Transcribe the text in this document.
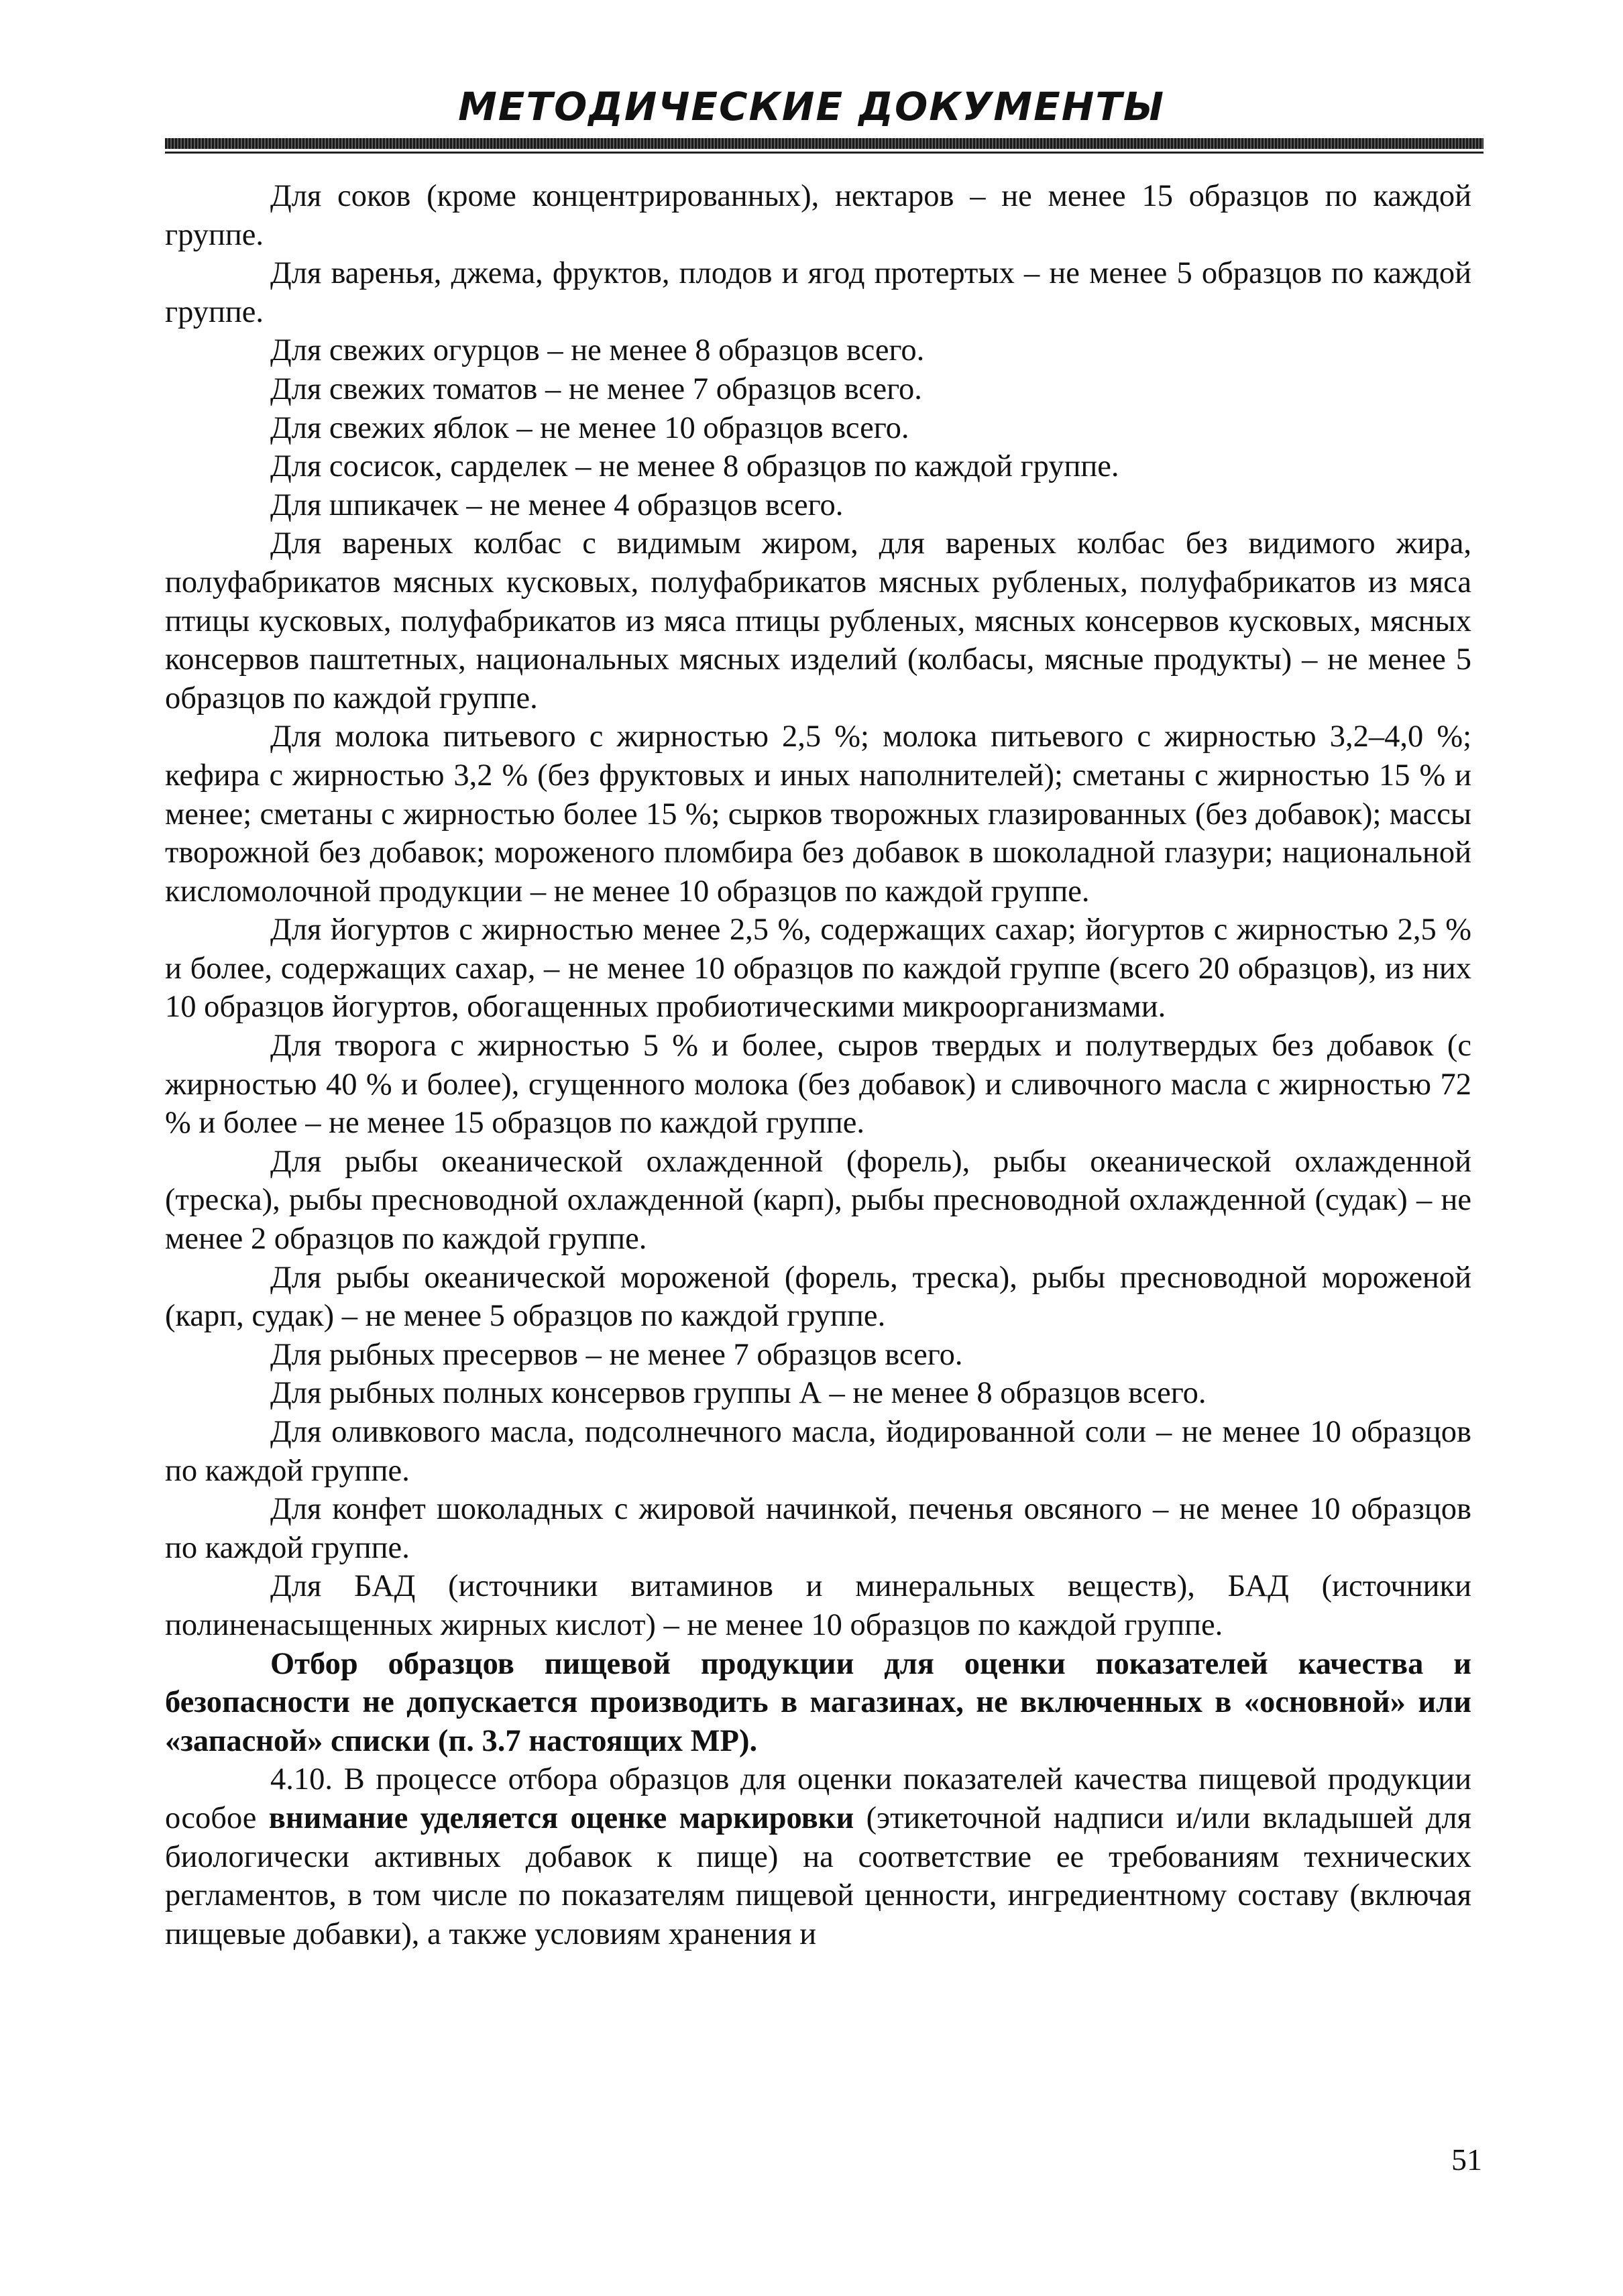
МЕТОДИЧЕСКИЕ ДОКУМЕНТЫ

Для соков (кроме концентрированных), нектаров – не менее 15 образцов по каждой группе.

Для варенья, джема, фруктов, плодов и ягод протертых – не менее 5 образцов по каждой группе.

Для свежих огурцов – не менее 8 образцов всего.

Для свежих томатов – не менее 7 образцов всего.

Для свежих яблок – не менее 10 образцов всего.

Для сосисок, сарделек – не менее 8 образцов по каждой группе.

Для шпикачек – не менее 4 образцов всего.

Для вареных колбас с видимым жиром, для вареных колбас без видимого жира, полуфабрикатов мясных кусковых, полуфабрикатов мясных рубленых, полуфабрикатов из мяса птицы кусковых, полуфабрикатов из мяса птицы рубленых, мясных консервов кусковых, мясных консервов паштетных, национальных мясных изделий (колбасы, мясные продукты) – не менее 5 образцов по каждой группе.

Для молока питьевого с жирностью 2,5 %; молока питьевого с жирностью 3,2–4,0 %; кефира с жирностью 3,2 % (без фруктовых и иных наполнителей); сметаны с жирностью 15 % и менее; сметаны с жирностью более 15 %; сырков творожных глазированных (без добавок); массы творожной без добавок; мороженого пломбира без добавок в шоколадной глазури; национальной кисломолочной продукции – не менее 10 образцов по каждой группе.

Для йогуртов с жирностью менее 2,5 %, содержащих сахар; йогуртов с жирностью 2,5 % и более, содержащих сахар, – не менее 10 образцов по каждой группе (всего 20 образцов), из них 10 образцов йогуртов, обогащенных пробиотическими микроорганизмами.

Для творога с жирностью 5 % и более, сыров твердых и полутвердых без добавок (с жирностью 40 % и более), сгущенного молока (без добавок) и сливочного масла с жирностью 72 % и более – не менее 15 образцов по каждой группе.

Для рыбы океанической охлажденной (форель), рыбы океанической охлажденной (треска), рыбы пресноводной охлажденной (карп), рыбы пресноводной охлажденной (судак) – не менее 2 образцов по каждой группе.

Для рыбы океанической мороженой (форель, треска), рыбы пресноводной мороженой (карп, судак) – не менее 5 образцов по каждой группе.

Для рыбных пресервов – не менее 7 образцов всего.

Для рыбных полных консервов группы А – не менее 8 образцов всего.

Для оливкового масла, подсолнечного масла, йодированной соли – не менее 10 образцов по каждой группе.

Для конфет шоколадных с жировой начинкой, печенья овсяного – не менее 10 образцов по каждой группе.

Для БАД (источники витаминов и минеральных веществ), БАД (источники полиненасыщенных жирных кислот) – не менее 10 образцов по каждой группе.

Отбор образцов пищевой продукции для оценки показателей качества и безопасности не допускается производить в магазинах, не включенных в «основной» или «запасной» списки (п. 3.7 настоящих МР).

4.10. В процессе отбора образцов для оценки показателей качества пищевой продукции особое внимание уделяется оценке маркировки (этикеточной надписи и/или вкладышей для биологически активных добавок к пище) на соответствие ее требованиям технических регламентов, в том числе по показателям пищевой ценности, ингредиентному составу (включая пищевые добавки), а также условиям хранения и

51
